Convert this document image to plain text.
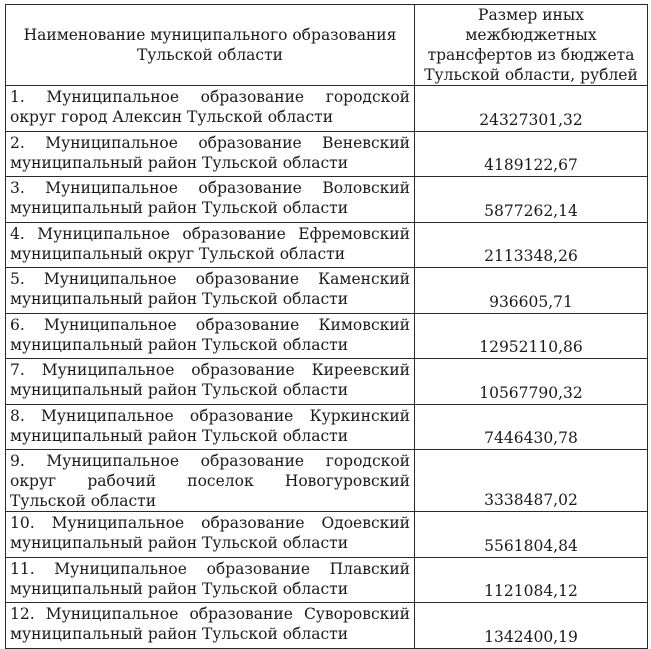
Наименование муниципального образования Тульской области	Размер иных межбюджетных трансфертов из бюджета Тульской области, рублей
1. Муниципальное образование городской округ город Алексин Тульской области	24327301,32
2. Муниципальное образование Веневский муниципальный район Тульской области	4189122,67
3. Муниципальное образование Воловский муниципальный район Тульской области	5877262,14
4. Муниципальное образование Ефремовский муниципальный округ Тульской области	2113348,26
5. Муниципальное образование Каменский муниципальный район Тульской области	936605,71
6. Муниципальное образование Кимовский муниципальный район Тульской области	12952110,86
7. Муниципальное образование Киреевский муниципальный район Тульской области	10567790,32
8. Муниципальное образование Куркинский муниципальный район Тульской области	7446430,78
9. Муниципальное образование городской округ рабочий поселок Новогуровский Тульской области	3338487,02
10. Муниципальное образование Одоевский муниципальный район Тульской области	5561804,84
11. Муниципальное образование Плавский муниципальный район Тульской области	1121084,12
12. Муниципальное образование Суворовский муниципальный район Тульской области	1342400,19
